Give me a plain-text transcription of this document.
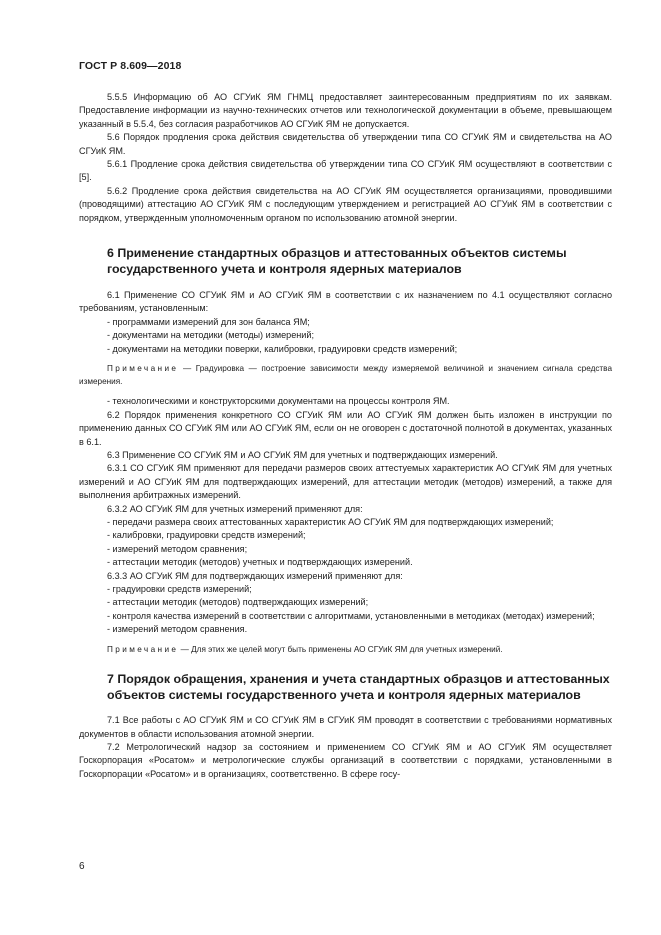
ГОСТ Р 8.609—2018

5.5.5 Информацию об АО СГУиК ЯМ ГНМЦ предоставляет заинтересованным предприятиям по их заявкам. Предоставление информации из научно-технических отчетов или технологической документации в объеме, превышающем указанный в 5.5.4, без согласия разработчиков АО СГУиК ЯМ не допускается.

5.6 Порядок продления срока действия свидетельства об утверждении типа СО СГУиК ЯМ и свидетельства на АО СГУиК ЯМ.

5.6.1 Продление срока действия свидетельства об утверждении типа СО СГУиК ЯМ осуществляют в соответствии с [5].

5.6.2 Продление срока действия свидетельства на АО СГУиК ЯМ осуществляется организациями, проводившими (проводящими) аттестацию АО СГУиК ЯМ с последующим утверждением и регистрацией АО СГУиК ЯМ в соответствии с порядком, утвержденным уполномоченным органом по использованию атомной энергии.

6 Применение стандартных образцов и аттестованных объектов системы государственного учета и контроля ядерных материалов

6.1 Применение СО СГУиК ЯМ и АО СГУиК ЯМ в соответствии с их назначением по 4.1 осуществляют согласно требованиям, установленным:

- программами измерений для зон баланса ЯМ;

- документами на методики (методы) измерений;

- документами на методики поверки, калибровки, градуировки средств измерений;

Примечание — Градуировка — построение зависимости между измеряемой величиной и значением сигнала средства измерения.

- технологическими и конструкторскими документами на процессы контроля ЯМ.

6.2 Порядок применения конкретного СО СГУиК ЯМ или АО СГУиК ЯМ должен быть изложен в инструкции по применению данных СО СГУиК ЯМ или АО СГУиК ЯМ, если он не оговорен с достаточной полнотой в документах, указанных в 6.1.

6.3 Применение СО СГУиК ЯМ и АО СГУиК ЯМ для учетных и подтверждающих измерений.

6.3.1 СО СГУиК ЯМ применяют для передачи размеров своих аттестуемых характеристик АО СГУиК ЯМ для учетных измерений и АО СГУиК ЯМ для подтверждающих измерений, для аттестации методик (методов) измерений, а также для выполнения арбитражных измерений.

6.3.2 АО СГУиК ЯМ для учетных измерений применяют для:

- передачи размера своих аттестованных характеристик АО СГУиК ЯМ для подтверждающих измерений;

- калибровки, градуировки средств измерений;

- измерений методом сравнения;

- аттестации методик (методов) учетных и подтверждающих измерений.

6.3.3 АО СГУиК ЯМ для подтверждающих измерений применяют для:

- градуировки средств измерений;

- аттестации методик (методов) подтверждающих измерений;

- контроля качества измерений в соответствии с алгоритмами, установленными в методиках (методах) измерений;

- измерений методом сравнения.

Примечание — Для этих же целей могут быть применены АО СГУиК ЯМ для учетных измерений.

7 Порядок обращения, хранения и учета стандартных образцов и аттестованных объектов системы государственного учета и контроля ядерных материалов

7.1 Все работы с АО СГУиК ЯМ и СО СГУиК ЯМ в СГУиК ЯМ проводят в соответствии с требованиями нормативных документов в области использования атомной энергии.

7.2 Метрологический надзор за состоянием и применением СО СГУиК ЯМ и АО СГУиК ЯМ осуществляет Госкорпорация «Росатом» и метрологические службы организаций в соответствии с порядками, установленными в Госкорпорации «Росатом» и в организациях, соответственно. В сфере госу-

6
